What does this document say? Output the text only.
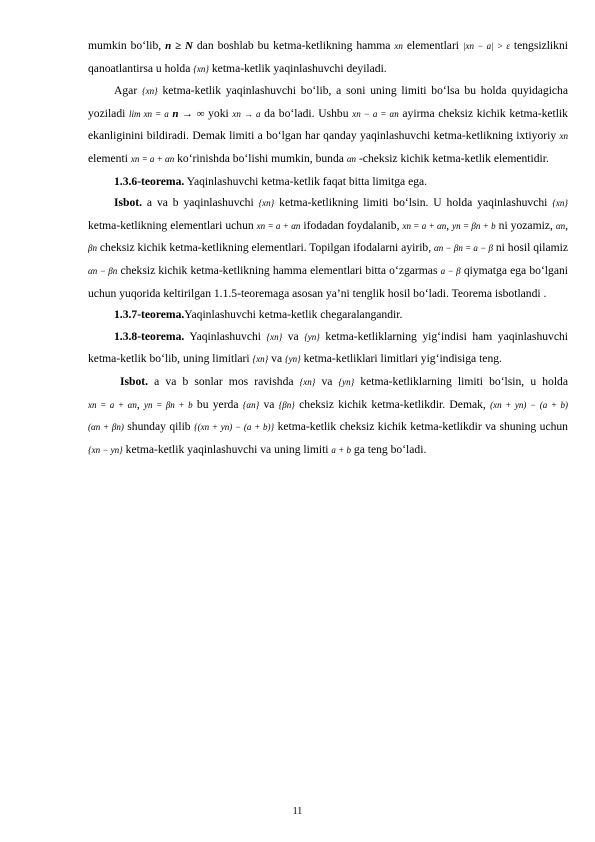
mumkin bo‘lib, n ≥ N dan boshlab bu ketma-ketlikning hamma xn elementlari |xn − a| > ε tengsizlikni qanoatlantirsa u holda {xn} ketma-ketlik yaqinlashuvchi deyiladi.

Agar {xn} ketma-ketlik yaqinlashuvchi bo‘lib, a soni uning limiti bo‘lsa bu holda quyidagicha yoziladi lim xn = a n → ∞ yoki xn → a da bo‘ladi. Ushbu xn − a = αn ayirma cheksiz kichik ketma-ketlik ekanliginini bildiradi. Demak limiti a bo‘lgan har qanday yaqinlashuvchi ketma-ketlikning ixtiyoriy xn elementi xn = a + αn ko‘rinishda bo‘lishi mumkin, bunda αn -cheksiz kichik ketma-ketlik elementidir.

1.3.6-teorema. Yaqinlashuvchi ketma-ketlik faqat bitta limitga ega.

Isbot. a va b yaqinlashuvchi {xn} ketma-ketlikning limiti bo‘lsin. U holda yaqinlashuvchi {xn} ketma-ketlikning elementlari uchun xn = a + αn ifodadan foydalanib, xn = a + αn, yn = βn + b ni yozamiz, αn, βn cheksiz kichik ketma-ketlikning elementlari. Topilgan ifodalarni ayirib, αn − βn = a − β ni hosil qilamiz αn − βn cheksiz kichik ketma-ketlikning hamma elementlari bitta o‘zgarmas a − β qiymatga ega bo‘lgani uchun yuqorida keltirilgan 1.1.5-teoremaga asosan ya’ni tenglik hosil bo‘ladi. Teorema isbotlandi .

1.3.7-teorema.Yaqinlashuvchi ketma-ketlik chegaralangandir.

1.3.8-teorema. Yaqinlashuvchi {xn} va {yn} ketma-ketliklarning yig‘indisi ham yaqinlashuvchi ketma-ketlik bo‘lib, uning limitlari {xn} va {yn} ketma-ketliklari limitlari yig‘indisiga teng.

Isbot. a va b sonlar mos ravishda {xn} va {yn} ketma-ketliklarning limiti bo‘lsin, u holda xn = a + αn, yn = βn + b bu yerda {αn} va {βn} cheksiz kichik ketma-ketlikdir. Demak, (xn + yn) − (a + b) (αn + βn) shunday qilib {(xn + yn) − (a + b)} ketma-ketlik cheksiz kichik ketma-ketlikdir va shuning uchun {xn − yn} ketma-ketlik yaqinlashuvchi va uning limiti a + b ga teng bo‘ladi.

11
